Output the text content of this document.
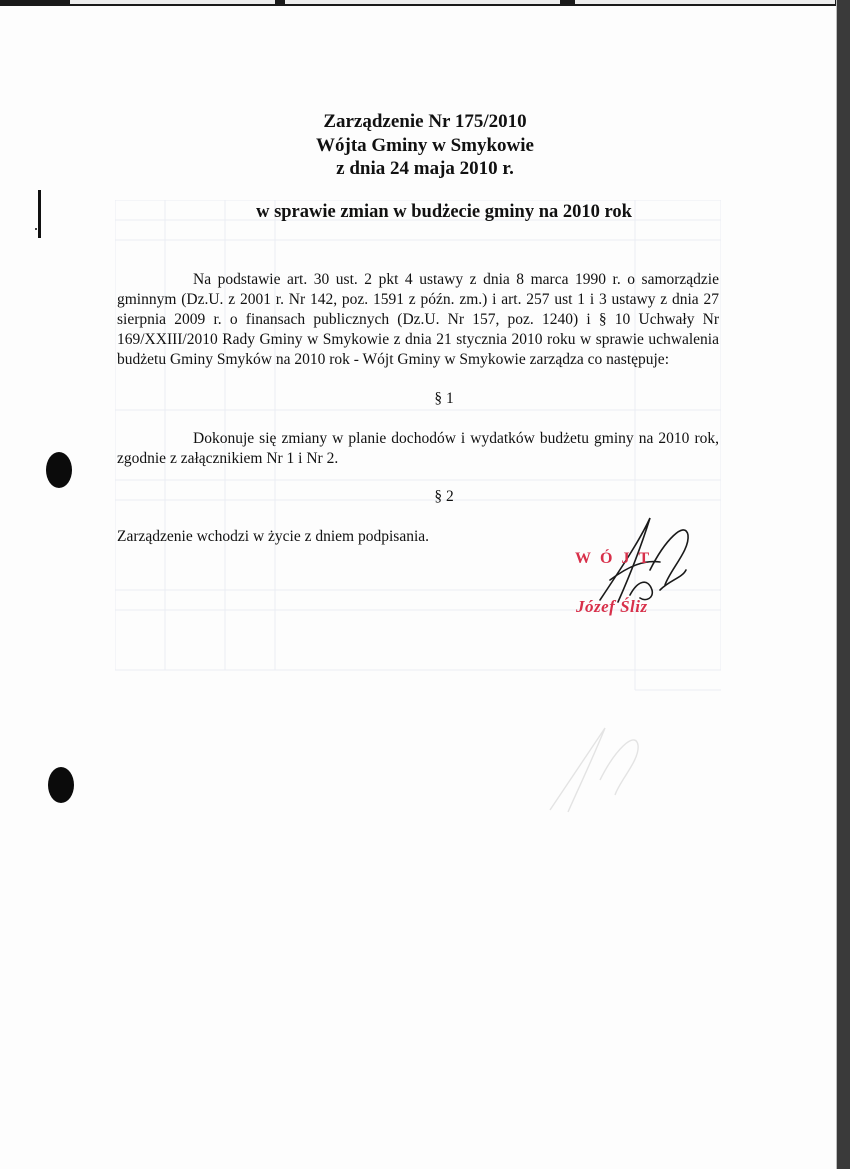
Zarządzenie Nr 175/2010
Wójta Gminy w Smykowie
z dnia 24 maja 2010 r.
w sprawie zmian w budżecie gminy na 2010 rok
Na podstawie art. 30 ust. 2 pkt 4 ustawy z dnia 8 marca 1990 r. o samorządzie gminnym (Dz.U. z 2001 r. Nr 142, poz. 1591 z późn. zm.) i art. 257 ust 1 i 3 ustawy z dnia 27 sierpnia 2009 r. o finansach publicznych (Dz.U. Nr 157, poz. 1240) i § 10 Uchwały Nr 169/XXIII/2010 Rady Gminy w Smykowie z dnia 21 stycznia 2010 roku w sprawie uchwalenia budżetu Gminy Smyków na 2010 rok - Wójt Gminy w Smykowie zarządza co następuje:
§ 1
Dokonuje się zmiany w planie dochodów i wydatków budżetu gminy na 2010 rok, zgodnie z załącznikiem Nr 1 i Nr 2.
§ 2
Zarządzenie wchodzi w życie z dniem podpisania.
WÓJT
Józef Śliz
